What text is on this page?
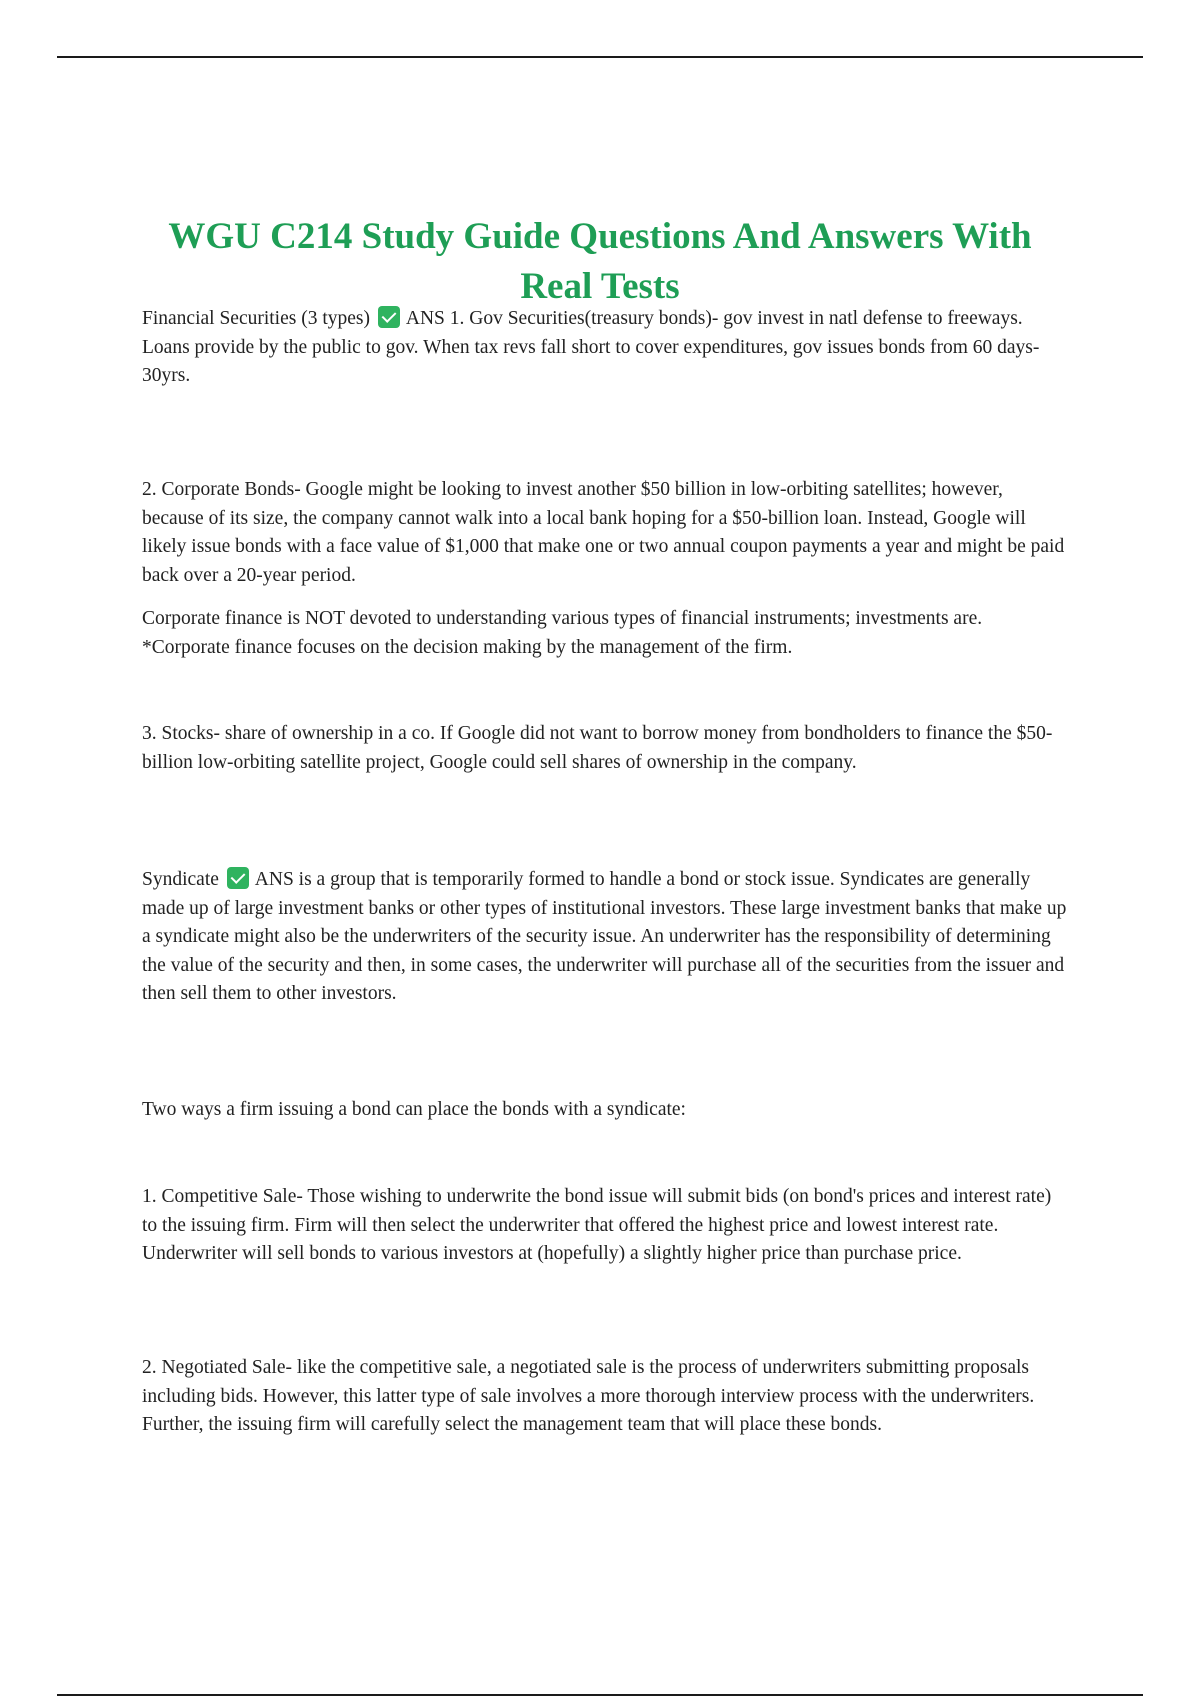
WGU C214 Study Guide Questions And Answers With Real Tests

Financial Securities (3 types) ANS 1. Gov Securities(treasury bonds)- gov invest in natl defense to freeways. Loans provide by the public to gov. When tax revs fall short to cover expenditures, gov issues bonds from 60 days-30yrs.

2. Corporate Bonds- Google might be looking to invest another $50 billion in low-orbiting satellites; however, because of its size, the company cannot walk into a local bank hoping for a $50-billion loan. Instead, Google will likely issue bonds with a face value of $1,000 that make one or two annual coupon payments a year and might be paid back over a 20-year period.

Corporate finance is NOT devoted to understanding various types of financial instruments; investments are. *Corporate finance focuses on the decision making by the management of the firm.

3. Stocks- share of ownership in a co. If Google did not want to borrow money from bondholders to finance the $50-billion low-orbiting satellite project, Google could sell shares of ownership in the company.

Syndicate ANS is a group that is temporarily formed to handle a bond or stock issue. Syndicates are generally made up of large investment banks or other types of institutional investors. These large investment banks that make up a syndicate might also be the underwriters of the security issue. An underwriter has the responsibility of determining the value of the security and then, in some cases, the underwriter will purchase all of the securities from the issuer and then sell them to other investors.

Two ways a firm issuing a bond can place the bonds with a syndicate:

1. Competitive Sale- Those wishing to underwrite the bond issue will submit bids (on bond's prices and interest rate) to the issuing firm. Firm will then select the underwriter that offered the highest price and lowest interest rate. Underwriter will sell bonds to various investors at (hopefully) a slightly higher price than purchase price.

2. Negotiated Sale- like the competitive sale, a negotiated sale is the process of underwriters submitting proposals including bids. However, this latter type of sale involves a more thorough interview process with the underwriters. Further, the issuing firm will carefully select the management team that will place these bonds.
